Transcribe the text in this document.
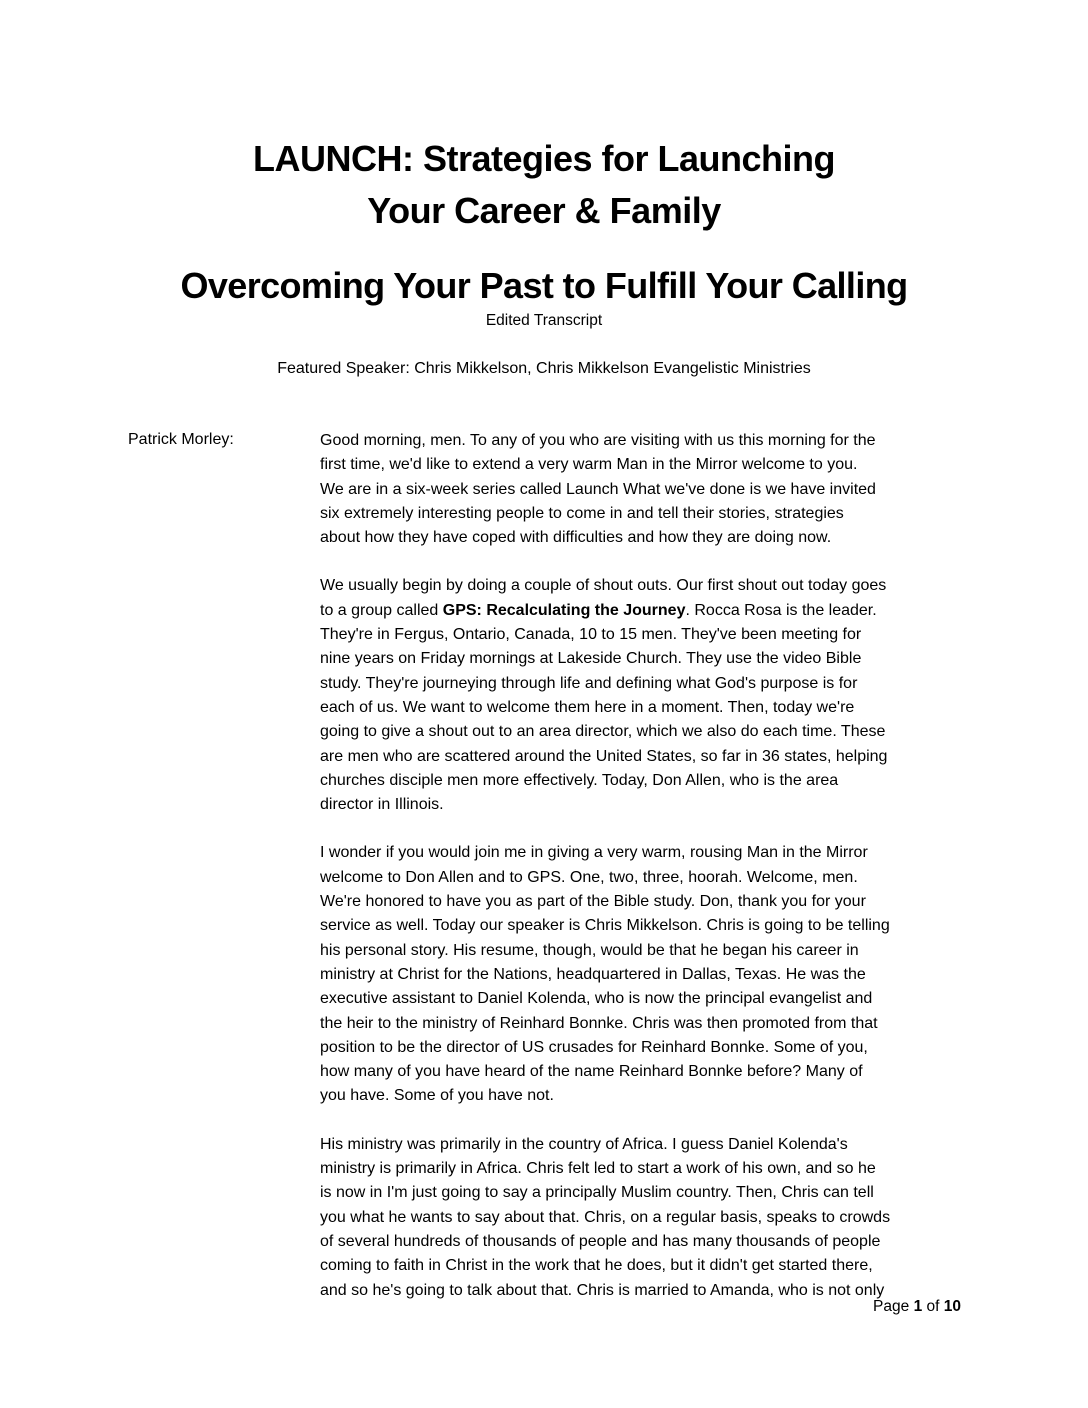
LAUNCH: Strategies for Launching
Your Career & Family
Overcoming Your Past to Fulfill Your Calling
Edited Transcript
Featured Speaker: Chris Mikkelson, Chris Mikkelson Evangelistic Ministries
Patrick Morley:	Good morning, men. To any of you who are visiting with us this morning for the
first time, we'd like to extend a very warm Man in the Mirror welcome to you.
We are in a six-week series called Launch What we've done is we have invited
six extremely interesting people to come in and tell their stories, strategies
about how they have coped with difficulties and how they are doing now.

We usually begin by doing a couple of shout outs. Our first shout out today goes
to a group called GPS: Recalculating the Journey. Rocca Rosa is the leader.
They're in Fergus, Ontario, Canada, 10 to 15 men. They've been meeting for
nine years on Friday mornings at Lakeside Church. They use the video Bible
study. They're journeying through life and defining what God's purpose is for
each of us. We want to welcome them here in a moment. Then, today we're
going to give a shout out to an area director, which we also do each time. These
are men who are scattered around the United States, so far in 36 states, helping
churches disciple men more effectively. Today, Don Allen, who is the area
director in Illinois.

I wonder if you would join me in giving a very warm, rousing Man in the Mirror
welcome to Don Allen and to GPS. One, two, three, hoorah. Welcome, men.
We're honored to have you as part of the Bible study. Don, thank you for your
service as well. Today our speaker is Chris Mikkelson. Chris is going to be telling
his personal story. His resume, though, would be that he began his career in
ministry at Christ for the Nations, headquartered in Dallas, Texas. He was the
executive assistant to Daniel Kolenda, who is now the principal evangelist and
the heir to the ministry of Reinhard Bonnke. Chris was then promoted from that
position to be the director of US crusades for Reinhard Bonnke. Some of you,
how many of you have heard of the name Reinhard Bonnke before? Many of
you have. Some of you have not.

His ministry was primarily in the country of Africa. I guess Daniel Kolenda's
ministry is primarily in Africa. Chris felt led to start a work of his own, and so he
is now in I'm just going to say a principally Muslim country. Then, Chris can tell
you what he wants to say about that. Chris, on a regular basis, speaks to crowds
of several hundreds of thousands of people and has many thousands of people
coming to faith in Christ in the work that he does, but it didn't get started there,
and so he's going to talk about that. Chris is married to Amanda, who is not only

Page 1 of 10
